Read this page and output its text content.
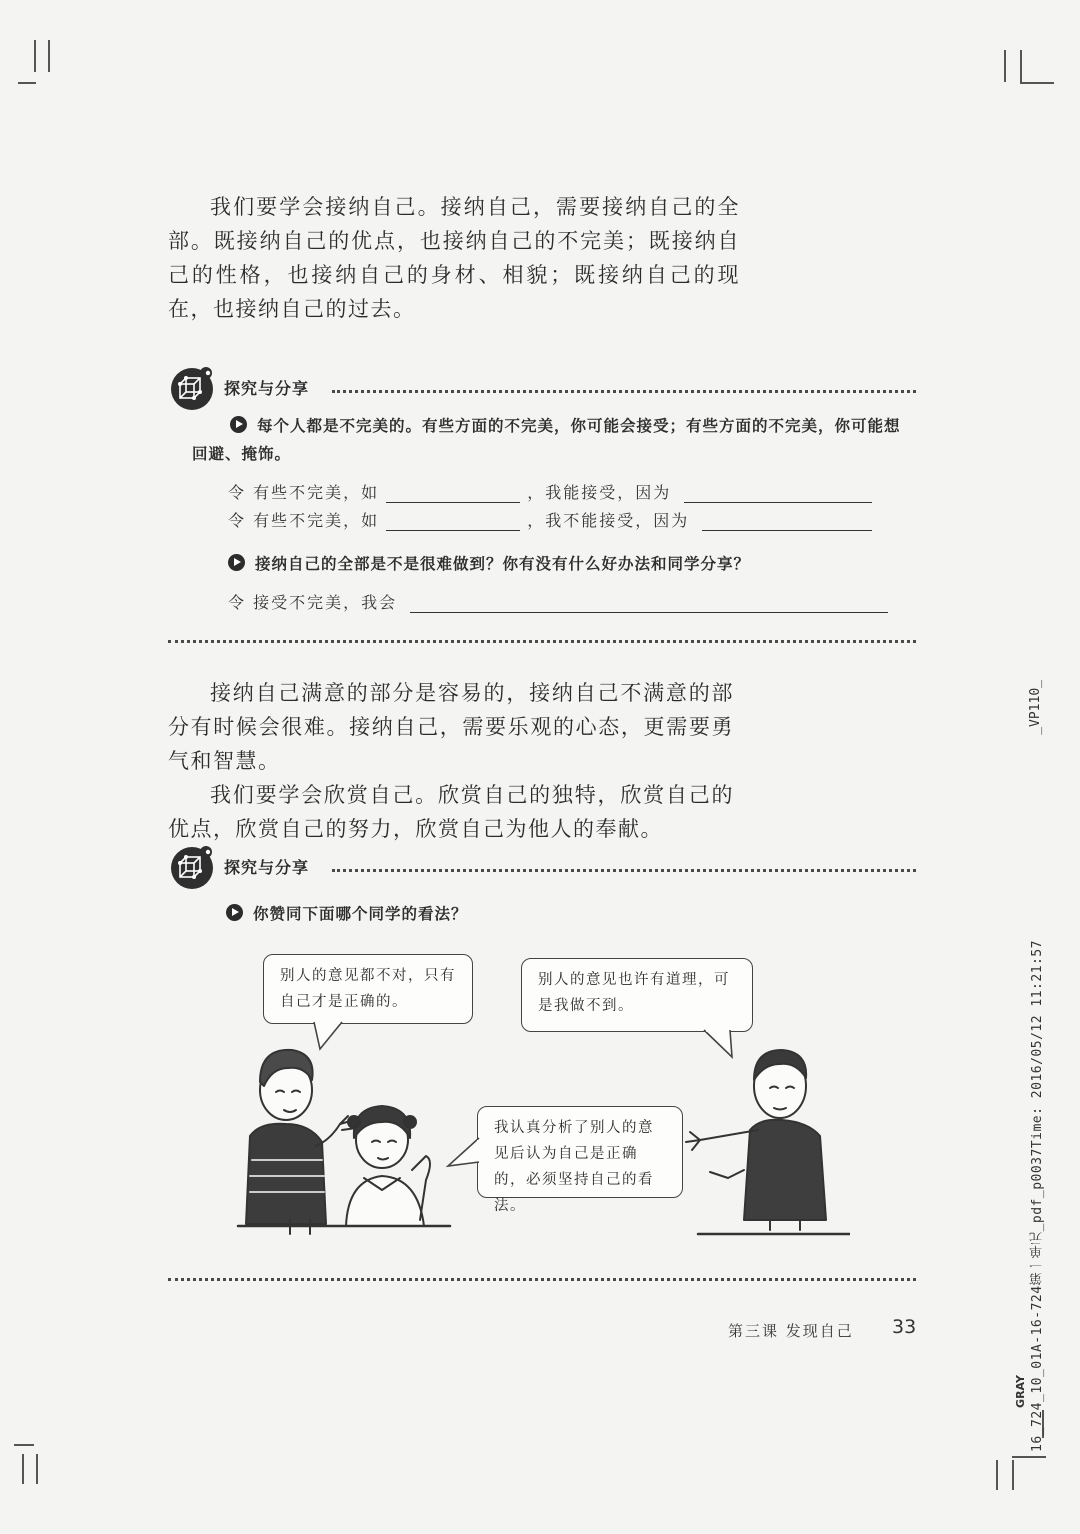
我们要学会接纳自己。接纳自己，需要接纳自己的全部。既接纳自己的优点，也接纳自己的不完美；既接纳自己的性格，也接纳自己的身材、相貌；既接纳自己的现在，也接纳自己的过去。

探究与分享
每个人都是不完美的。有些方面的不完美，你可能会接受；有些方面的不完美，你可能想回避、掩饰。
令 有些不完美，如	，我能接受，因为
令 有些不完美，如	，我不能接受，因为
接纳自己的全部是不是很难做到？你有没有什么好办法和同学分享？
令 接受不完美，我会

接纳自己满意的部分是容易的，接纳自己不满意的部分有时候会很难。接纳自己，需要乐观的心态，更需要勇气和智慧。

我们要学会欣赏自己。欣赏自己的独特，欣赏自己的优点，欣赏自己的努力，欣赏自己为他人的奉献。

探究与分享
你赞同下面哪个同学的看法？
别人的意见都不对，只有自己才是正确的。
别人的意见也许有道理，可是我做不到。
我认真分析了别人的意见后认为自己是正确的，必须坚持自己的看法。
第三课 发现自己 33
_VP110_
16_724_10_01A-16-724第一单元_pdf_p0037Time: 2016/05/12 11:21:57
GRAY
